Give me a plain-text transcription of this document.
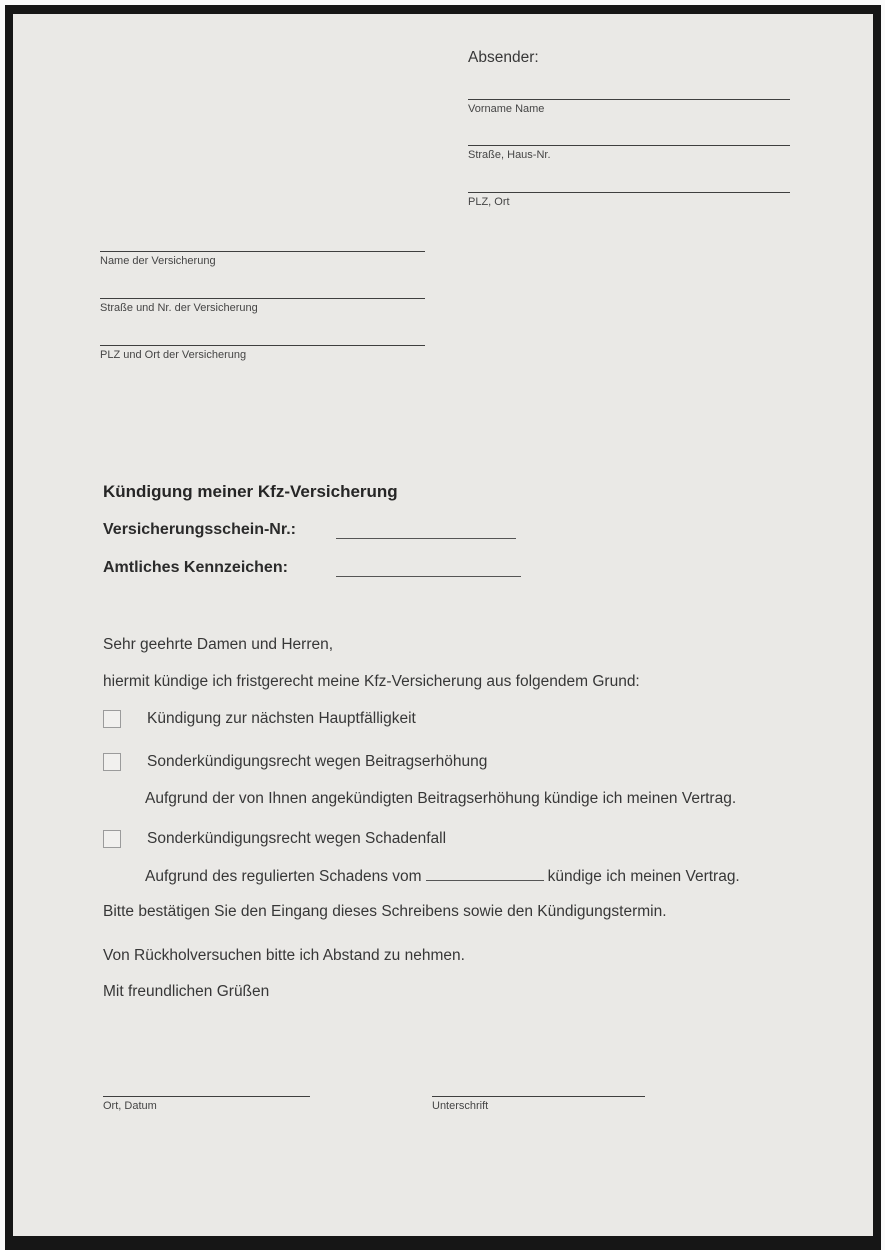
Absender:
Vorname Name
Straße, Haus-Nr.
PLZ, Ort
Name der Versicherung
Straße und Nr. der Versicherung
PLZ und Ort der Versicherung
Kündigung meiner Kfz-Versicherung
Versicherungsschein-Nr.:
Amtliches Kennzeichen:
Sehr geehrte Damen und Herren,
hiermit kündige ich fristgerecht meine Kfz-Versicherung aus folgendem Grund:
Kündigung zur nächsten Hauptfälligkeit
Sonderkündigungsrecht wegen Beitragserhöhung
Aufgrund der von Ihnen angekündigten Beitragserhöhung kündige ich meinen Vertrag.
Sonderkündigungsrecht wegen Schadenfall
Aufgrund des regulierten Schadens vom	kündige ich meinen Vertrag.
Bitte bestätigen Sie den Eingang dieses Schreibens sowie den Kündigungstermin.
Von Rückholversuchen bitte ich Abstand zu nehmen.
Mit freundlichen Grüßen
Ort, Datum	Unterschrift
